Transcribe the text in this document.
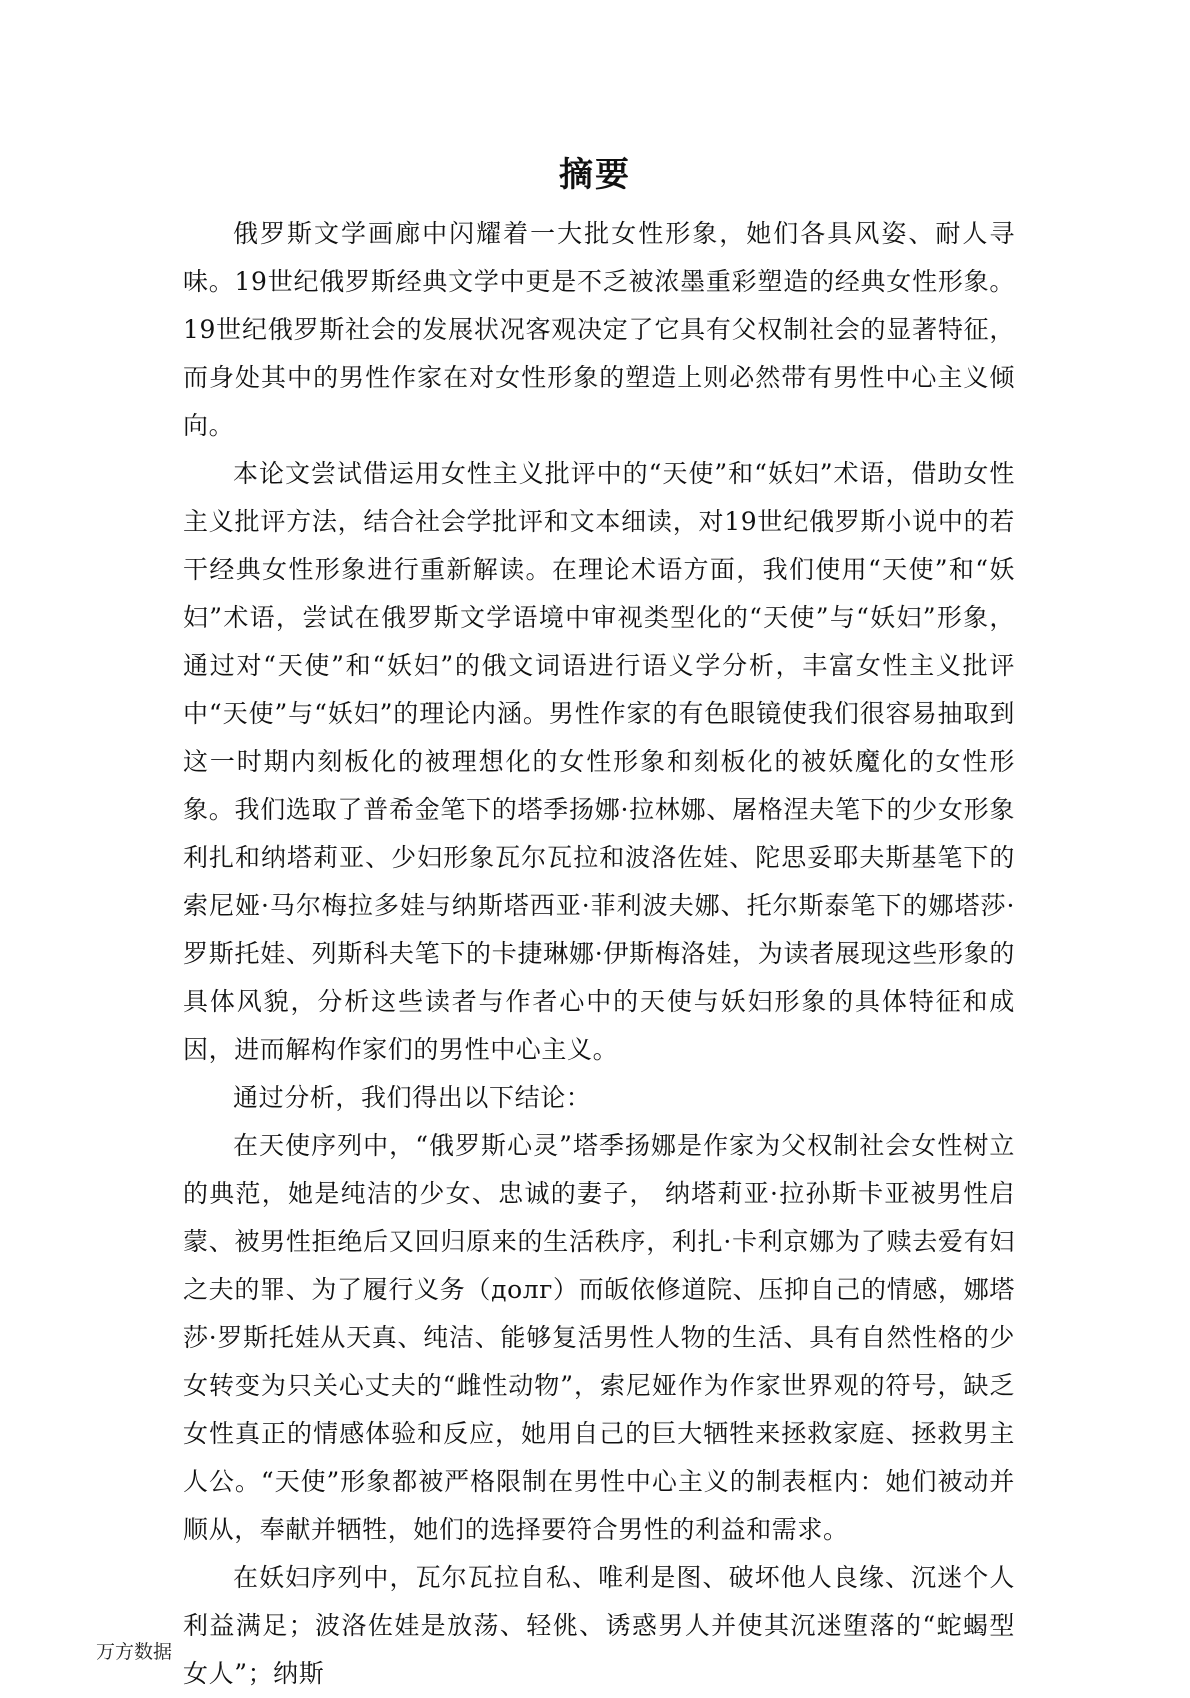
摘要

俄罗斯文学画廊中闪耀着一大批女性形象，她们各具风姿、耐人寻味。19世纪俄罗斯经典文学中更是不乏被浓墨重彩塑造的经典女性形象。19世纪俄罗斯社会的发展状况客观决定了它具有父权制社会的显著特征，而身处其中的男性作家在对女性形象的塑造上则必然带有男性中心主义倾向。

本论文尝试借运用女性主义批评中的“天使”和“妖妇”术语，借助女性主义批评方法，结合社会学批评和文本细读，对19世纪俄罗斯小说中的若干经典女性形象进行重新解读。在理论术语方面，我们使用“天使”和“妖妇”术语，尝试在俄罗斯文学语境中审视类型化的“天使”与“妖妇”形象，通过对“天使”和“妖妇”的俄文词语进行语义学分析，丰富女性主义批评中“天使”与“妖妇”的理论内涵。男性作家的有色眼镜使我们很容易抽取到这一时期内刻板化的被理想化的女性形象和刻板化的被妖魔化的女性形象。我们选取了普希金笔下的塔季扬娜·拉林娜、屠格涅夫笔下的少女形象利扎和纳塔莉亚、少妇形象瓦尔瓦拉和波洛佐娃、陀思妥耶夫斯基笔下的索尼娅·马尔梅拉多娃与纳斯塔西亚·菲利波夫娜、托尔斯泰笔下的娜塔莎·罗斯托娃、列斯科夫笔下的卡捷琳娜·伊斯梅洛娃，为读者展现这些形象的具体风貌，分析这些读者与作者心中的天使与妖妇形象的具体特征和成因，进而解构作家们的男性中心主义。

通过分析，我们得出以下结论：

在天使序列中，“俄罗斯心灵”塔季扬娜是作家为父权制社会女性树立的典范，她是纯洁的少女、忠诚的妻子， 纳塔莉亚·拉孙斯卡亚被男性启蒙、被男性拒绝后又回归原来的生活秩序，利扎·卡利京娜为了赎去爱有妇之夫的罪、为了履行义务（долг）而皈依修道院、压抑自己的情感，娜塔莎·罗斯托娃从天真、纯洁、能够复活男性人物的生活、具有自然性格的少女转变为只关心丈夫的“雌性动物”，索尼娅作为作家世界观的符号，缺乏女性真正的情感体验和反应，她用自己的巨大牺牲来拯救家庭、拯救男主人公。“天使”形象都被严格限制在男性中心主义的制表框内：她们被动并顺从，奉献并牺牲，她们的选择要符合男性的利益和需求。

在妖妇序列中，瓦尔瓦拉自私、唯利是图、破坏他人良缘、沉迷个人利益满足；波洛佐娃是放荡、轻佻、诱惑男人并使其沉迷堕落的“蛇蝎型女人”；纳斯

万方数据
